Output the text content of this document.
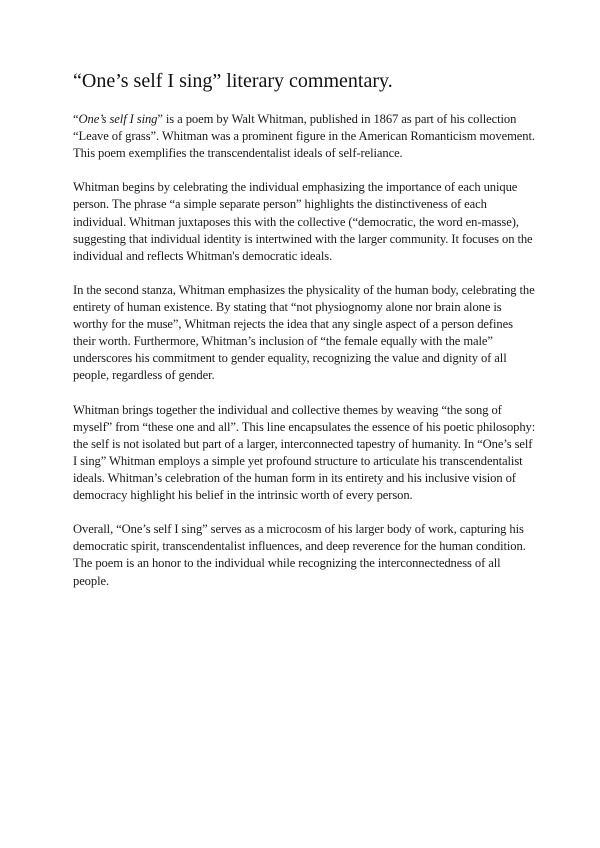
“One’s self I sing” literary commentary.

“One’s self I sing” is a poem by Walt Whitman, published in 1867 as part of his collection
“Leave of grass”. Whitman was a prominent figure in the American Romanticism movement.
This poem exemplifies the transcendentalist ideals of self-reliance.

Whitman begins by celebrating the individual emphasizing the importance of each unique
person. The phrase “a simple separate person” highlights the distinctiveness of each
individual. Whitman juxtaposes this with the collective (“democratic, the word en-masse),
suggesting that individual identity is intertwined with the larger community. It focuses on the
individual and reflects Whitman's democratic ideals.

In the second stanza, Whitman emphasizes the physicality of the human body, celebrating the
entirety of human existence. By stating that “not physiognomy alone nor brain alone is
worthy for the muse”, Whitman rejects the idea that any single aspect of a person defines
their worth. Furthermore, Whitman’s inclusion of “the female equally with the male”
underscores his commitment to gender equality, recognizing the value and dignity of all
people, regardless of gender.

Whitman brings together the individual and collective themes by weaving “the song of
myself” from “these one and all”. This line encapsulates the essence of his poetic philosophy:
the self is not isolated but part of a larger, interconnected tapestry of humanity. In “One’s self
I sing” Whitman employs a simple yet profound structure to articulate his transcendentalist
ideals. Whitman’s celebration of the human form in its entirety and his inclusive vision of
democracy highlight his belief in the intrinsic worth of every person.

Overall, “One’s self I sing” serves as a microcosm of his larger body of work, capturing his
democratic spirit, transcendentalist influences, and deep reverence for the human condition.
The poem is an honor to the individual while recognizing the interconnectedness of all
people.
